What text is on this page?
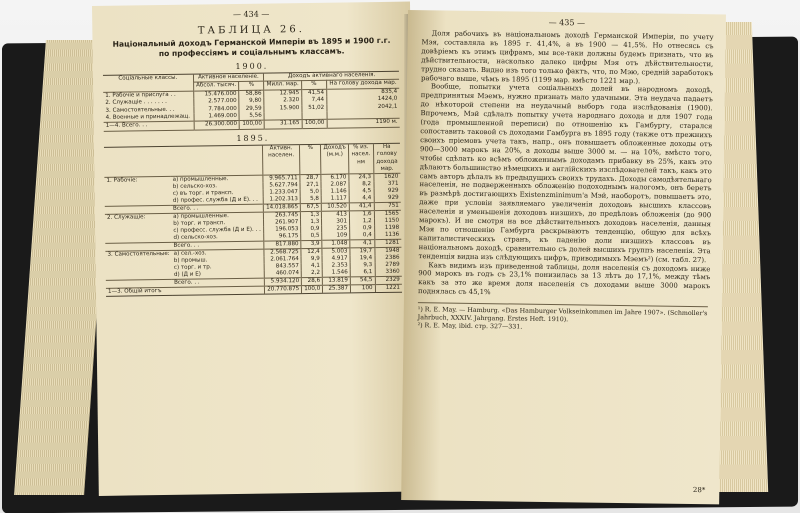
— 434 —
ТАБЛИЦА 26.
Національный доходъ Германской Имперіи въ 1895 и 1900 г.г. по профессіямъ и соціальнымъ классамъ.
1900.
Соціальные классы.	Активное населеніе.		Доходъ активнаго населенія.		
	Абсол. тысяч.	%	Милл. мар.	%	На голову дохода мар.
1. Рабочіе и прислуга . .	15.476.000	58,86	12.945	41,54	835,4
2. Служащіе . . . . . . .	2.577.000	9,80	2.320	7,44	1424,0
3. Самостоятельные. . .	7.784.000	29,59	15.900	51,02	2042,1
4. Военные и принадлежащ.	1.469.000	5,56			
1—4. Всего. . .	26.300.000	100,00	31.165	100,00	1190 м.
1895.
		Активн. населен.	%	Доходъ (м.м.)	% из. насел. нм	На голову дохода мар.
1. Рабочіе:	а) промышленные.	9.965.711	28,7	6.170	24,3	1620
	b) сельско-хоз.	5.627.794	27,1	2.087	8,2	371
	c) въ торг. и трансп.	1.233.047	5,0	1.146	4,5	929
	d) профес. служба (Д и Е). . .	1.202.313	5,8	1.117	4,4	929
	Всего. . .	14.018.865	67,5	10.520	41,4	751
2. Служащіе:	а) промышленные.	263.745	1,3	413	1,6	1565
	b) торг. и трансп.	261.907	1,3	301	1,2	1150
	c) професс. служба (Д и Е). . .	196.053	0,9	235	0,9	1198
	d) сельско-хоз.	96.175	0,5	109	0,4	1136
	Всего. . .	817.880	3,9	1.048	4,1	1281
3. Самостоятельные:	а) сел.-хоз.	2.568.725	12,4	5.003	19,7	1948
	b) промыш.	2.061.764	9,9	4.917	19,4	2386
	c) торг. и тр.	843.557	4,1	2.353	9,3	2789
	d) (Д и Е)	460.074	2,2	1.546	6,1	3360
	Всего. . .	5.934.120	28,6	13.819	54,5	2329
1—3. Общій итогъ		20.770.875	100,0	25.387	100	1221
— 435 —

Доля рабочихъ въ національномъ доходѣ Германской Имперіи, по учету Мэя, составляла въ 1895 г. 41,4%, а въ 1900 — 41,5%. Но отнесясь съ довѣріемъ къ этимъ цифрамъ, мы все-таки должны будемъ признать, что въ дѣйствительности, насколько далеко цифры Мэя отъ дѣйствительности, трудно сказать. Видно изъ того только фактъ, что, по Мэю, средній заработокъ рабочаго выше, чѣмъ въ 1895 (1199 мар. вмѣсто 1221 мар.).

Вообще, попытки учета соціальныхъ долей въ народномъ доходѣ, предпринятыя Мэемъ, нужно признать мало удачными. Эта неудача падаетъ до нѣкоторой степени на неудачный выборъ года изслѣдованія (1900). Впрочемъ, Мэй сдѣлалъ попытку учета народнаго дохода и для 1907 года (года промышленной переписи) по отношенію къ Гамбургу, старался сопоставить таковой съ доходами Гамбурга въ 1895 году (также отъ прежнихъ своихъ пріемовъ учета такъ, напр., онъ повышаетъ обложенные доходы отъ 900—3000 марокъ на 20%, а доходы выше 3000 м. — на 10%, вмѣсто того, чтобы сдѣлать ко всѣмъ обложеннымъ доходамъ прибавку въ 25%, какъ это дѣлаютъ большинство нѣмецкихъ и англійскихъ изслѣдователей такъ, какъ это самъ авторъ дѣлалъ въ предыдущихъ своихъ трудахъ. Доходы самодѣятельнаго населенія, не подверженныхъ обложенію подоходнымъ налогомъ, онъ беретъ въ размѣрѣ достигающихъ Existenzminimum'а Мэй, наоборотъ, повышаетъ это, даже при условіи заявляемаго увеличенія доходовъ высшихъ классовъ населенія и уменьшенія доходовъ низшихъ, до предѣловъ обложенія (до 900 марокъ). И не смотря на все дѣйствительныхъ доходовъ населенія, данныя Мэя по отношенію Гамбурга раскрываютъ тенденцію, общую для всѣхъ капиталистическихъ странъ, къ паденію доли низшихъ классовъ въ національномъ доходѣ, сравнительно съ долей высшихъ группъ населенія. Эта тенденція видна изъ слѣдующихъ цифръ, приводимыхъ Мэемъ²) (см. табл. 27).

Какъ видимъ изъ приведенной таблицы, доля населенія съ доходомъ ниже 900 марокъ въ годъ съ 23,1% понизилась за 13 лѣтъ до 17,1%, между тѣмъ какъ за это же время доля населенія съ доходами выше 3000 марокъ поднялась съ 45,1%

¹) R. E. May. — Hamburg. «Das Hamburger Volkseinkommen im Jahre 1907». (Schmoller's Jahrbuch, XXXIV. Jahrgang. Erstes Heft. 1910).
²) R. E. May, ibid. стр. 327—331.
28*
